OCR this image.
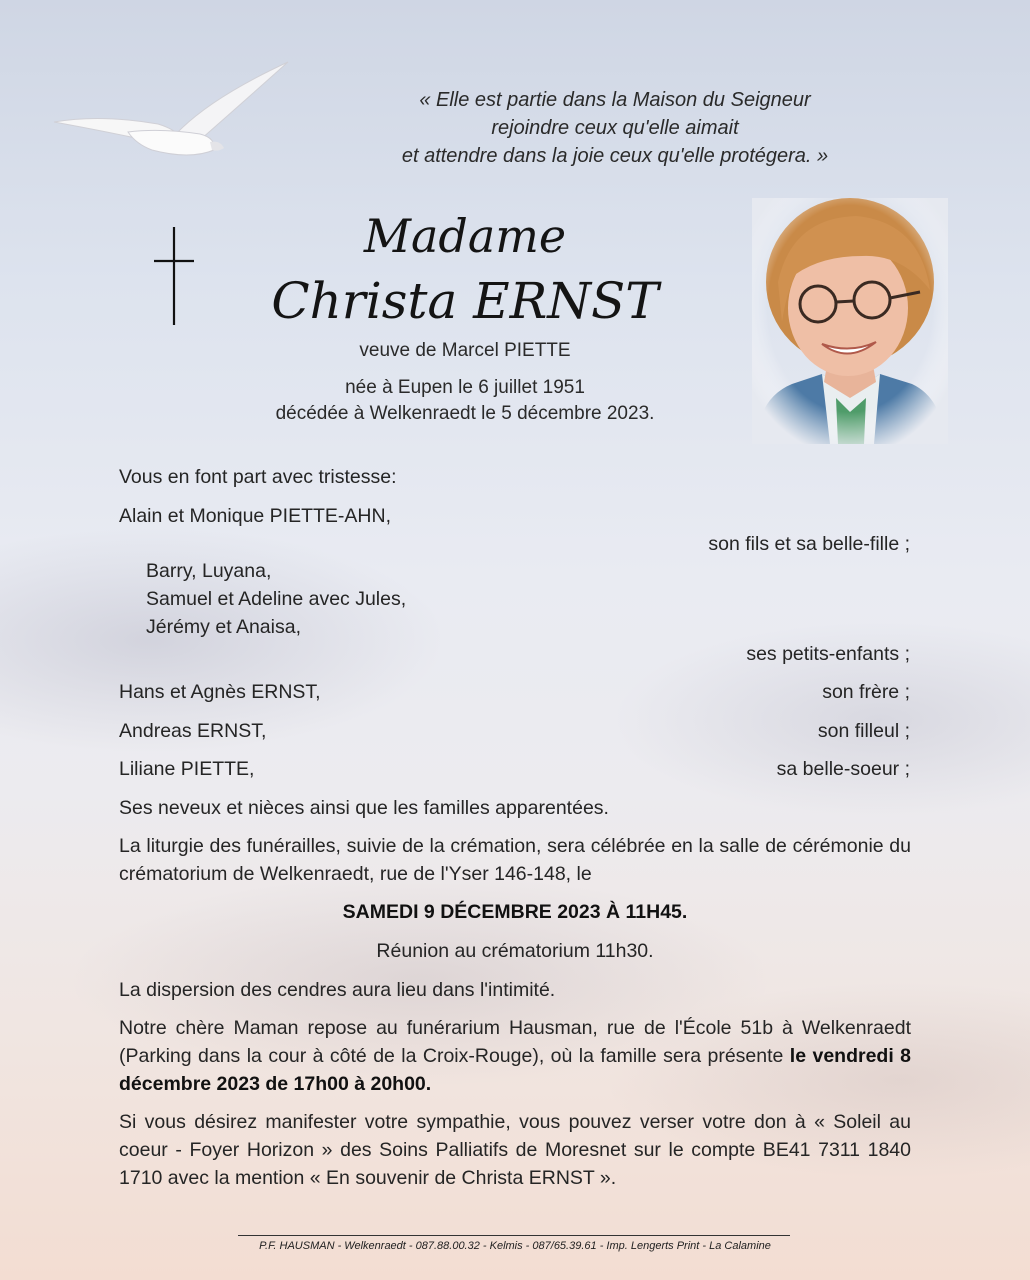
« Elle est partie dans la Maison du Seigneur
rejoindre ceux qu'elle aimait
et attendre dans la joie ceux qu'elle protégera. »
Madame
Christa ERNST
veuve de Marcel PIETTE
née à Eupen le 6 juillet 1951
décédée à Welkenraedt le 5 décembre 2023.
Vous en font part avec tristesse:
Alain et Monique PIETTE-AHN,
son fils et sa belle-fille ;
Barry, Luyana,
Samuel et Adeline avec Jules,
Jérémy et Anaisa,
ses petits-enfants ;
Hans et Agnès ERNST,	son frère ;
Andreas ERNST,	son filleul ;
Liliane PIETTE,	sa belle-soeur ;
Ses neveux et nièces ainsi que les familles apparentées.
La liturgie des funérailles, suivie de la crémation, sera célébrée en la salle de cérémonie du crématorium de Welkenraedt, rue de l'Yser 146-148, le
SAMEDI 9 DÉCEMBRE 2023 À 11H45.
Réunion au crématorium 11h30.
La dispersion des cendres aura lieu dans l'intimité.
Notre chère Maman repose au funérarium Hausman, rue de l'École 51b à Welkenraedt (Parking dans la cour à côté de la Croix-Rouge), où la famille sera présente le vendredi 8 décembre 2023 de 17h00 à 20h00.
Si vous désirez manifester votre sympathie, vous pouvez verser votre don à « Soleil au coeur - Foyer Horizon » des Soins Palliatifs de Moresnet sur le compte BE41 7311 1840 1710 avec la mention « En souvenir de Christa ERNST ».
P.F. HAUSMAN - Welkenraedt - 087.88.00.32 - Kelmis - 087/65.39.61 - Imp. Lengerts Print - La Calamine
